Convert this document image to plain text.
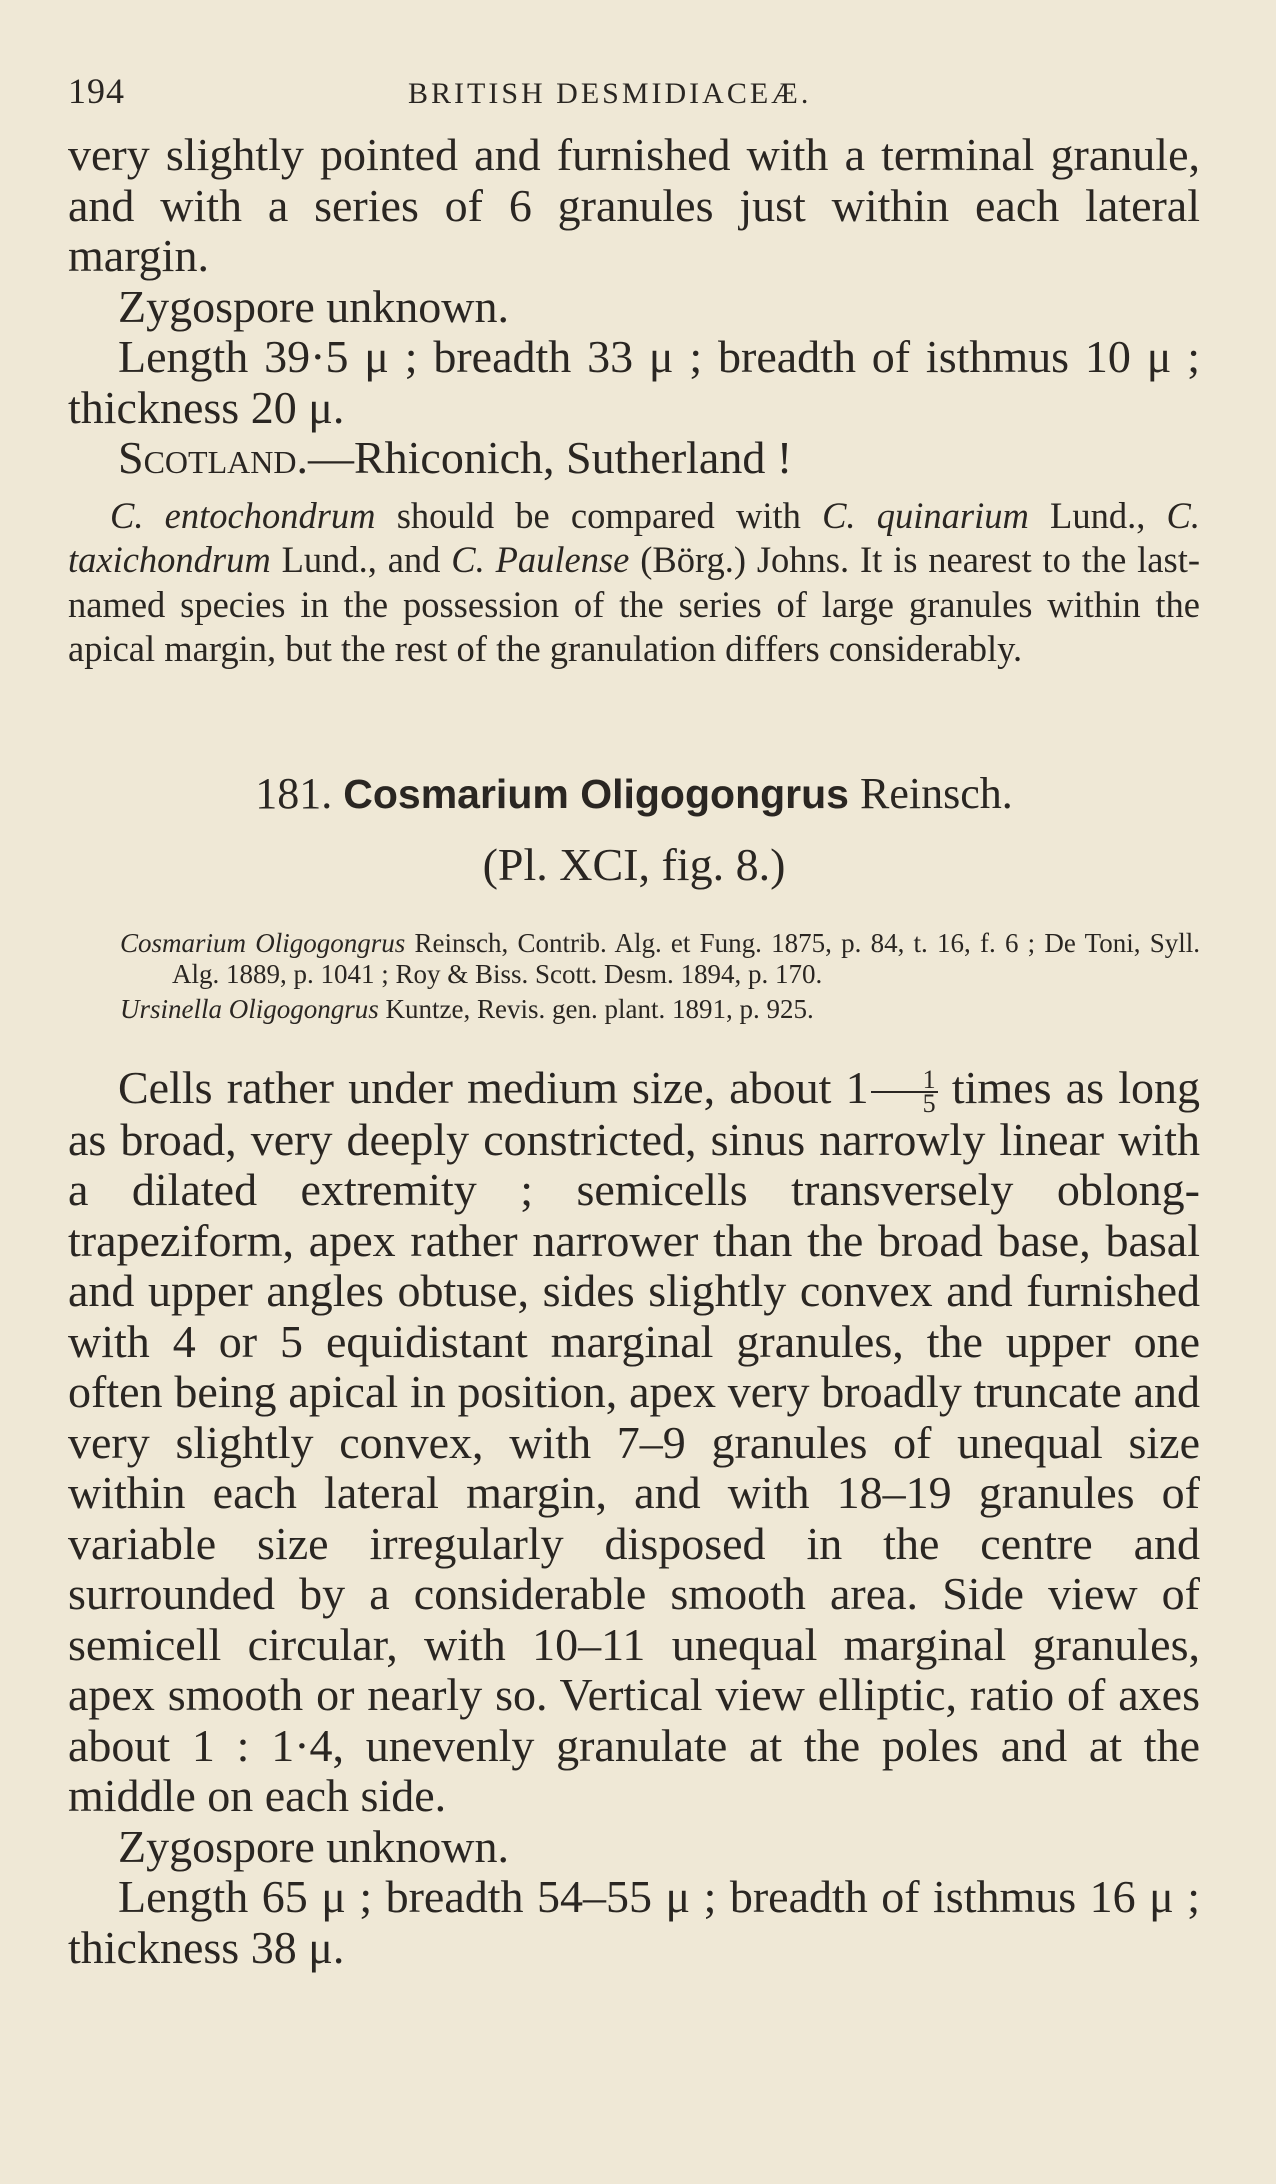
194	BRITISH DESMIDIACEÆ.

very slightly pointed and furnished with a terminal granule, and with a series of 6 granules just within each lateral margin.

Zygospore unknown.

Length 39·5 μ ; breadth 33 μ ; breadth of isthmus 10 μ ; thickness 20 μ.

Scotland.—Rhiconich, Sutherland !

C. entochondrum should be compared with C. quinarium Lund., C. taxichondrum Lund., and C. Paulense (Börg.) Johns. It is nearest to the last-named species in the possession of the series of large granules within the apical margin, but the rest of the granulation differs considerably.

181. Cosmarium Oligogongrus Reinsch.
(Pl. XCI, fig. 8.)

Cosmarium Oligogongrus Reinsch, Contrib. Alg. et Fung. 1875, p. 84, t. 16, f. 6 ; De Toni, Syll. Alg. 1889, p. 1041 ; Roy & Biss. Scott. Desm. 1894, p. 170.

Ursinella Oligogongrus Kuntze, Revis. gen. plant. 1891, p. 925.

Cells rather under medium size, about $1 \frac{1}{5}$ times as long as broad, very deeply constricted, sinus narrowly linear with a dilated extremity ; semicells transversely oblong-trapeziform, apex rather narrower than the broad base, basal and upper angles obtuse, sides slightly convex and furnished with 4 or 5 equidistant marginal granules, the upper one often being apical in position, apex very broadly truncate and very slightly convex, with 7–9 granules of unequal size within each lateral margin, and with 18–19 granules of variable size irregularly disposed in the centre and surrounded by a considerable smooth area. Side view of semicell circular, with 10–11 unequal marginal granules, apex smooth or nearly so. Vertical view elliptic, ratio of axes about 1 : 1·4, unevenly granulate at the poles and at the middle on each side.

Zygospore unknown.

Length 65 μ ; breadth 54–55 μ ; breadth of isthmus 16 μ ; thickness 38 μ.
